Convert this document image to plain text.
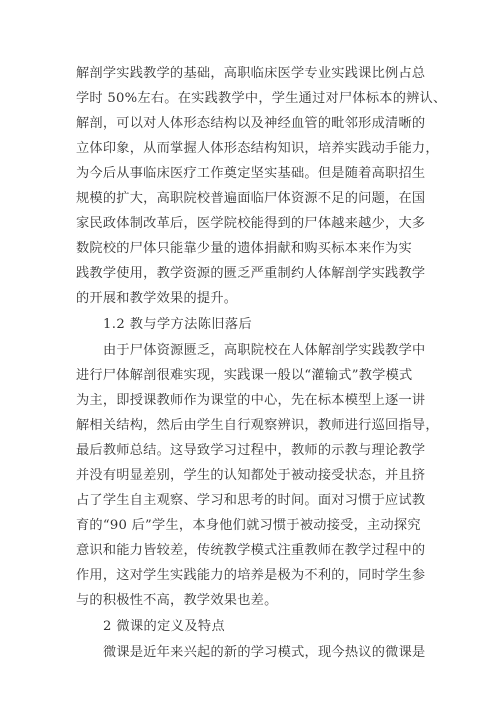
解剖学实践教学的基础，高职临床医学专业实践课比例占总
学时 50%左右。在实践教学中，学生通过对尸体标本的辨认、
解剖，可以对人体形态结构以及神经血管的毗邻形成清晰的
立体印象，从而掌握人体形态结构知识，培养实践动手能力，
为今后从事临床医疗工作奠定坚实基础。但是随着高职招生
规模的扩大，高职院校普遍面临尸体资源不足的问题，在国
家民政体制改革后，医学院校能得到的尸体越来越少，大多
数院校的尸体只能靠少量的遗体捐献和购买标本来作为实
践教学使用，教学资源的匮乏严重制约人体解剖学实践教学
的开展和教学效果的提升。
1.2 教与学方法陈旧落后
由于尸体资源匮乏，高职院校在人体解剖学实践教学中
进行尸体解剖很难实现，实践课一般以“灌输式”教学模式
为主，即授课教师作为课堂的中心，先在标本模型上逐一讲
解相关结构，然后由学生自行观察辨识，教师进行巡回指导，
最后教师总结。这导致学习过程中，教师的示教与理论教学
并没有明显差别，学生的认知都处于被动接受状态，并且挤
占了学生自主观察、学习和思考的时间。面对习惯于应试教
育的“90 后”学生，本身他们就习惯于被动接受，主动探究
意识和能力皆较差，传统教学模式注重教师在教学过程中的
作用，这对学生实践能力的培养是极为不利的，同时学生参
与的积极性不高，教学效果也差。
2 微课的定义及特点
微课是近年来兴起的新的学习模式，现今热议的微课是
